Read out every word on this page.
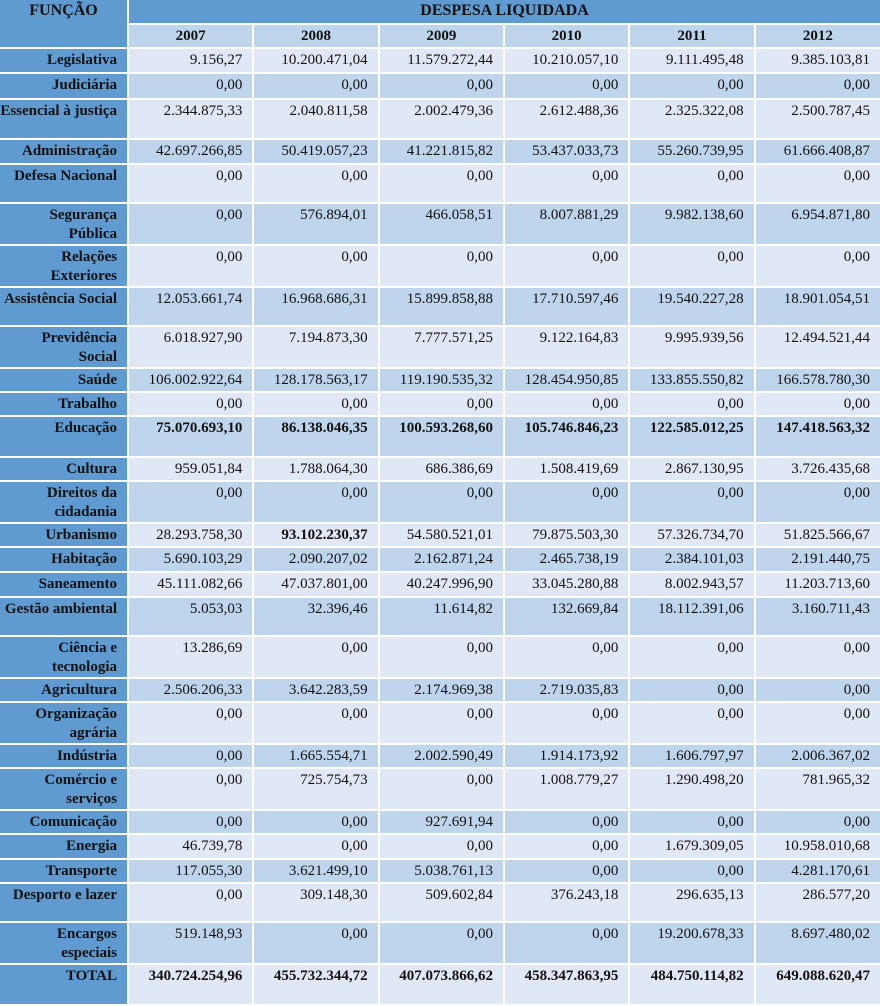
FUNÇÃO	DESPESA LIQUIDADA					
	2007	2008	2009	2010	2011	2012
Legislativa	9.156,27	10.200.471,04	11.579.272,44	10.210.057,10	9.111.495,48	9.385.103,81
Judiciária	0,00	0,00	0,00	0,00	0,00	0,00
Essencial à justiça	2.344.875,33	2.040.811,58	2.002.479,36	2.612.488,36	2.325.322,08	2.500.787,45
Administração	42.697.266,85	50.419.057,23	41.221.815,82	53.437.033,73	55.260.739,95	61.666.408,87
Defesa Nacional	0,00	0,00	0,00	0,00	0,00	0,00
Segurança Pública	0,00	576.894,01	466.058,51	8.007.881,29	9.982.138,60	6.954.871,80
Relações Exteriores	0,00	0,00	0,00	0,00	0,00	0,00
Assistência Social	12.053.661,74	16.968.686,31	15.899.858,88	17.710.597,46	19.540.227,28	18.901.054,51
Previdência Social	6.018.927,90	7.194.873,30	7.777.571,25	9.122.164,83	9.995.939,56	12.494.521,44
Saúde	106.002.922,64	128.178.563,17	119.190.535,32	128.454.950,85	133.855.550,82	166.578.780,30
Trabalho	0,00	0,00	0,00	0,00	0,00	0,00
Educação	75.070.693,10	86.138.046,35	100.593.268,60	105.746.846,23	122.585.012,25	147.418.563,32
Cultura	959.051,84	1.788.064,30	686.386,69	1.508.419,69	2.867.130,95	3.726.435,68
Direitos da cidadania	0,00	0,00	0,00	0,00	0,00	0,00
Urbanismo	28.293.758,30	93.102.230,37	54.580.521,01	79.875.503,30	57.326.734,70	51.825.566,67
Habitação	5.690.103,29	2.090.207,02	2.162.871,24	2.465.738,19	2.384.101,03	2.191.440,75
Saneamento	45.111.082,66	47.037.801,00	40.247.996,90	33.045.280,88	8.002.943,57	11.203.713,60
Gestão ambiental	5.053,03	32.396,46	11.614,82	132.669,84	18.112.391,06	3.160.711,43
Ciência e tecnologia	13.286,69	0,00	0,00	0,00	0,00	0,00
Agricultura	2.506.206,33	3.642.283,59	2.174.969,38	2.719.035,83	0,00	0,00
Organização agrária	0,00	0,00	0,00	0,00	0,00	0,00
Indústria	0,00	1.665.554,71	2.002.590,49	1.914.173,92	1.606.797,97	2.006.367,02
Comércio e serviços	0,00	725.754,73	0,00	1.008.779,27	1.290.498,20	781.965,32
Comunicação	0,00	0,00	927.691,94	0,00	0,00	0,00
Energia	46.739,78	0,00	0,00	0,00	1.679.309,05	10.958.010,68
Transporte	117.055,30	3.621.499,10	5.038.761,13	0,00	0,00	4.281.170,61
Desporto e lazer	0,00	309.148,30	509.602,84	376.243,18	296.635,13	286.577,20
Encargos especiais	519.148,93	0,00	0,00	0,00	19.200.678,33	8.697.480,02
TOTAL	340.724.254,96	455.732.344,72	407.073.866,62	458.347.863,95	484.750.114,82	649.088.620,47
